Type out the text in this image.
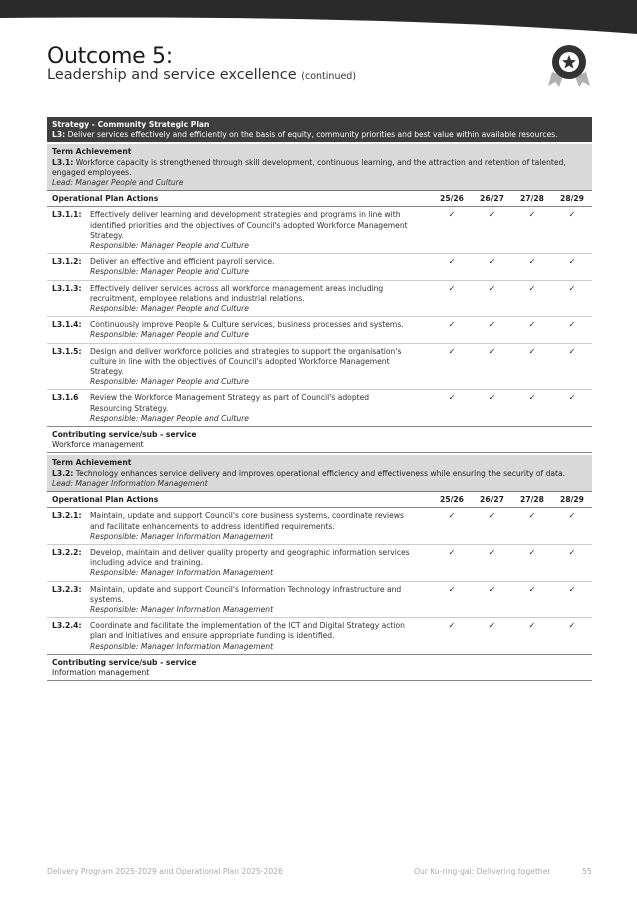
Outcome 5:
Leadership and service excellence (continued)
Strategy - Community Strategic Plan
L3: Deliver services effectively and efficiently on the basis of equity, community priorities and best value within available resources.
Term Achievement
L3.1: Workforce capacity is strengthened through skill development, continuous learning, and the attraction and retention of talented, engaged employees.
Lead: Manager People and Culture
Operational Plan Actions		25/26	26/27	27/28	28/29
L3.1.1:	Effectively deliver learning and development strategies and programs in line with identified priorities and the objectives of Council's adopted Workforce Management Strategy.
Responsible: Manager People and Culture	✓	✓	✓	✓
L3.1.2:	Deliver an effective and efficient payroll service.
Responsible: Manager People and Culture	✓	✓	✓	✓
L3.1.3:	Effectively deliver services across all workforce management areas including recruitment, employee relations and industrial relations.
Responsible: Manager People and Culture	✓	✓	✓	✓
L3.1.4:	Continuously improve People & Culture services, business processes and systems.
Responsible: Manager People and Culture	✓	✓	✓	✓
L3.1.5:	Design and deliver workforce policies and strategies to support the organisation's culture in line with the objectives of Council's adopted Workforce Management Strategy.
Responsible: Manager People and Culture	✓	✓	✓	✓
L3.1.6	Review the Workforce Management Strategy as part of Council's adopted Resourcing Strategy.
Responsible: Manager People and Culture	✓	✓	✓	✓
Contributing service/sub - service
Workforce management
Term Achievement
L3.2: Technology enhances service delivery and improves operational efficiency and effectiveness while ensuring the security of data.
Lead: Manager Information Management
Operational Plan Actions		25/26	26/27	27/28	28/29
L3.2.1:	Maintain, update and support Council's core business systems, coordinate reviews and facilitate enhancements to address identified requirements.
Responsible: Manager Information Management	✓	✓	✓	✓
L3.2.2:	Develop, maintain and deliver quality property and geographic information services including advice and training.
Responsible: Manager Information Management	✓	✓	✓	✓
L3.2.3:	Maintain, update and support Council's Information Technology infrastructure and systems.
Responsible: Manager Information Management	✓	✓	✓	✓
L3.2.4:	Coordinate and facilitate the implementation of the ICT and Digital Strategy action plan and initiatives and ensure appropriate funding is identified.
Responsible: Manager Information Management	✓	✓	✓	✓
Contributing service/sub - service
Information management
Delivery Program 2025-2029 and Operational Plan 2025-2026	Our Ku-ring-gai: Delivering together	55
